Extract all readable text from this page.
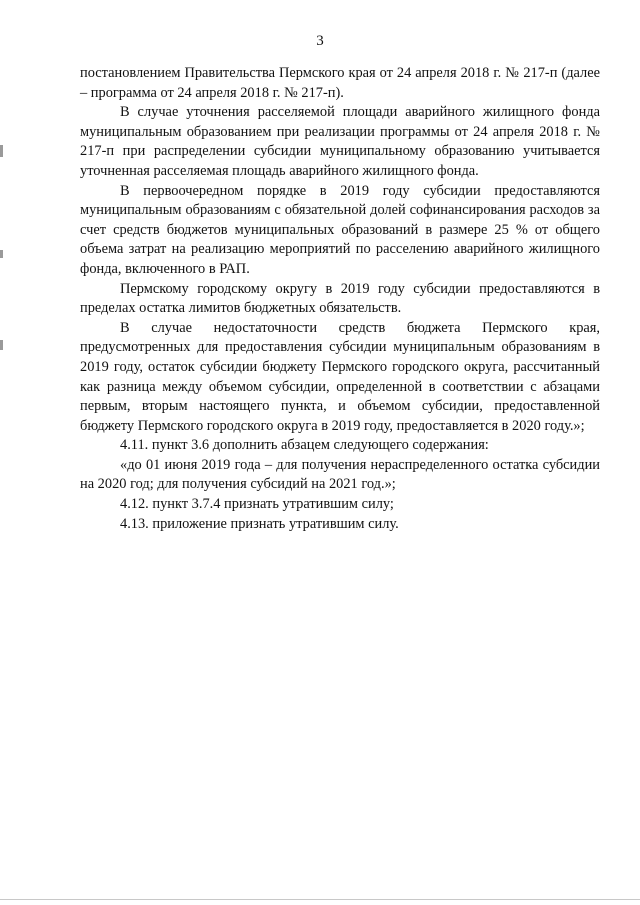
3

постановлением Правительства Пермского края от 24 апреля 2018 г. № 217-п (далее – программа от 24 апреля 2018 г. № 217-п).

В случае уточнения расселяемой площади аварийного жилищного фонда муниципальным образованием при реализации программы от 24 апреля 2018 г. № 217-п при распределении субсидии муниципальному образованию учитывается уточненная расселяемая площадь аварийного жилищного фонда.

В первоочередном порядке в 2019 году субсидии предоставляются муниципальным образованиям с обязательной долей софинансирования расходов за счет средств бюджетов муниципальных образований в размере 25 % от общего объема затрат на реализацию мероприятий по расселению аварийного жилищного фонда, включенного в РАП.

Пермскому городскому округу в 2019 году субсидии предоставляются в пределах остатка лимитов бюджетных обязательств.

В случае недостаточности средств бюджета Пермского края, предусмотренных для предоставления субсидии муниципальным образованиям в 2019 году, остаток субсидии бюджету Пермского городского округа, рассчитанный как разница между объемом субсидии, определенной в соответствии с абзацами первым, вторым настоящего пункта, и объемом субсидии, предоставленной бюджету Пермского городского округа в 2019 году, предоставляется в 2020 году.»;

4.11. пункт 3.6 дополнить абзацем следующего содержания:

«до 01 июня 2019 года – для получения нераспределенного остатка субсидии на 2020 год; для получения субсидий на 2021 год.»;

4.12. пункт 3.7.4 признать утратившим силу;

4.13. приложение признать утратившим силу.
